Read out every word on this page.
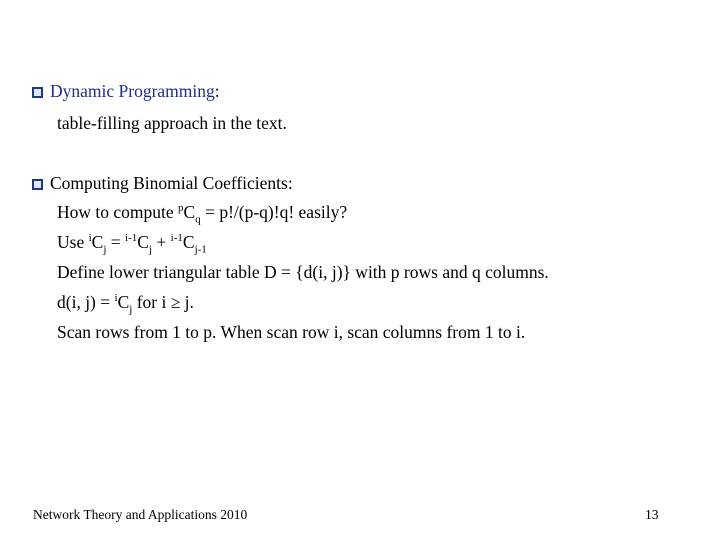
Dynamic Programming:
table-filling approach in the text.
Computing Binomial Coefficients:
How to compute $^pC_q = p!/(p-q)!q$! easily?
Use $^iC_j = ^{i-1}C_j + ^{i-1}C_{j-1}$
Define lower triangular table D = {d(i, j)} with p rows and q columns.
d(i, $j) = ^iC_j$ for i ≥ j.
Scan rows from 1 to p. When scan row i, scan columns from 1 to i.
Network Theory and Applications 2010	13
